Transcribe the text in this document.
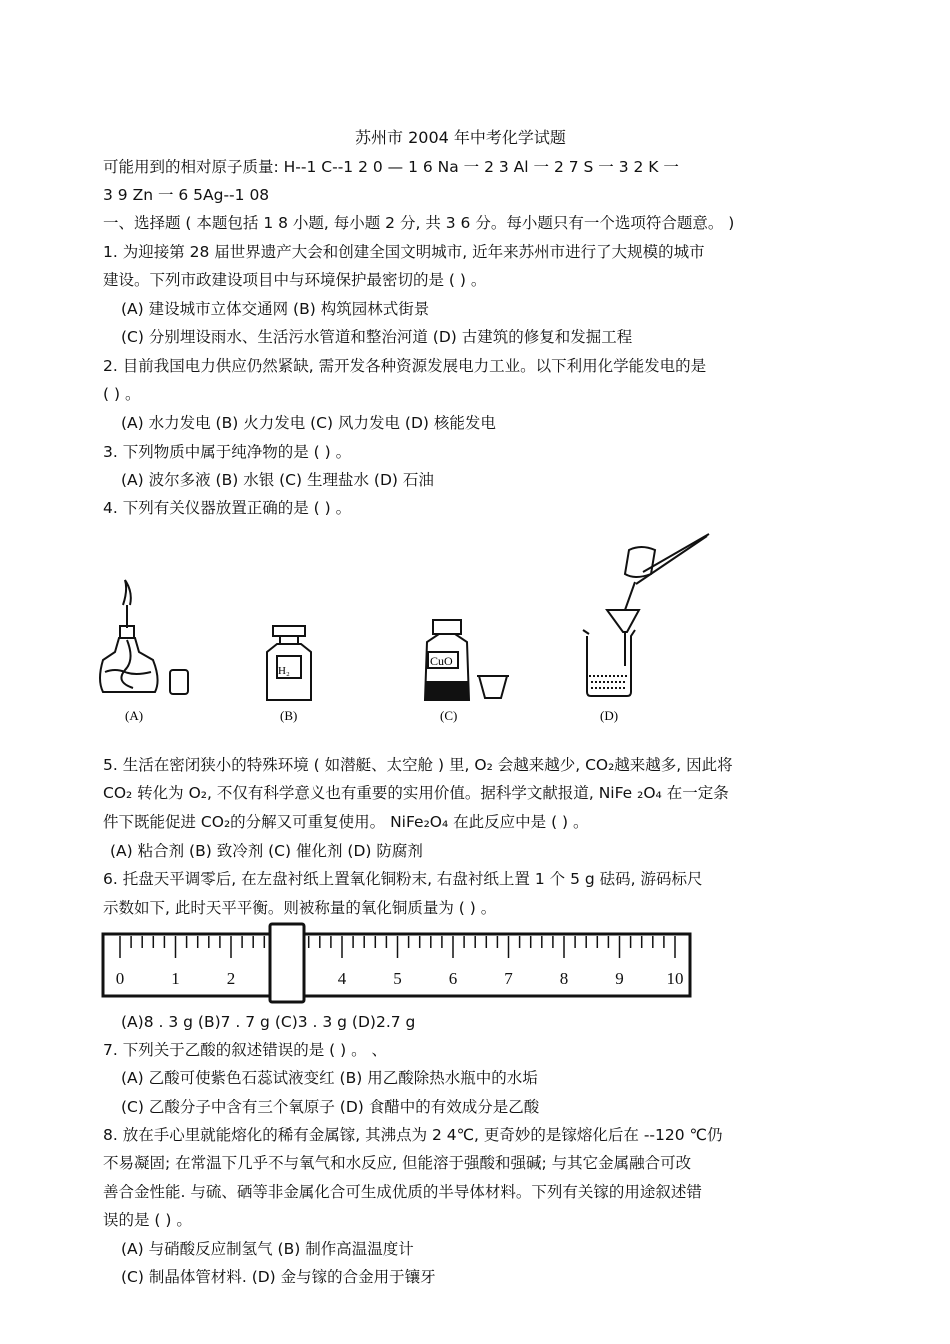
苏州市 2004 年中考化学试题
可能用到的相对原子质量: H--1 C--1 2 0 — 1 6 Na 一 2 3 Al 一 2 7 S 一 3 2 K 一
3 9 Zn 一 6 5Ag--1 08
一、选择题 ( 本题包括 1 8 小题, 每小题 2 分, 共 3 6 分。每小题只有一个选项符合题意。 )
1. 为迎接第 28 届世界遗产大会和创建全国文明城市, 近年来苏州市进行了大规模的城市
建设。下列市政建设项目中与环境保护最密切的是 ( ) 。
(A) 建设城市立体交通网 (B) 构筑园林式街景
(C) 分别埋设雨水、生活污水管道和整治河道 (D) 古建筑的修复和发掘工程
2. 目前我国电力供应仍然紧缺, 需开发各种资源发展电力工业。以下利用化学能发电的是
( ) 。
(A) 水力发电 (B) 火力发电 (C) 风力发电 (D) 核能发电
3. 下列物质中属于纯净物的是 ( ) 。
(A) 波尔多液 (B) 水银 (C) 生理盐水 (D) 石油
4. 下列有关仪器放置正确的是 ( ) 。
H₂
CuO
(A)	(B)	(C)	(D)
5. 生活在密闭狭小的特殊环境 ( 如潜艇、太空舱 ) 里, O₂ 会越来越少, CO₂越来越多, 因此将
CO₂ 转化为 O₂, 不仅有科学意义也有重要的实用价值。据科学文献报道, NiFe ₂O₄ 在一定条
件下既能促进 CO₂的分解又可重复使用。 NiFe₂O₄ 在此反应中是 ( ) 。
(A) 粘合剂 (B) 致冷剂 (C) 催化剂 (D) 防腐剂
6. 托盘天平调零后, 在左盘衬纸上置氧化铜粉末, 右盘衬纸上置 1 个 5 g 砝码, 游码标尺
示数如下, 此时天平平衡。则被称量的氧化铜质量为 ( ) 。
0	1	2	4	5	6	7	8	9	10
(A)8 . 3 g (B)7 . 7 g (C)3 . 3 g (D)2.7 g
7. 下列关于乙酸的叙述错误的是 ( ) 。 、
(A) 乙酸可使紫色石蕊试液变红 (B) 用乙酸除热水瓶中的水垢
(C) 乙酸分子中含有三个氧原子 (D) 食醋中的有效成分是乙酸
8. 放在手心里就能熔化的稀有金属镓, 其沸点为 2 4℃, 更奇妙的是镓熔化后在 --120 ℃仍
不易凝固; 在常温下几乎不与氧气和水反应, 但能溶于强酸和强碱; 与其它金属融合可改
善合金性能. 与硫、硒等非金属化合可生成优质的半导体材料。下列有关镓的用途叙述错
误的是 ( ) 。
(A) 与硝酸反应制氢气 (B) 制作高温温度计
(C) 制晶体管材料. (D) 金与镓的合金用于镶牙
